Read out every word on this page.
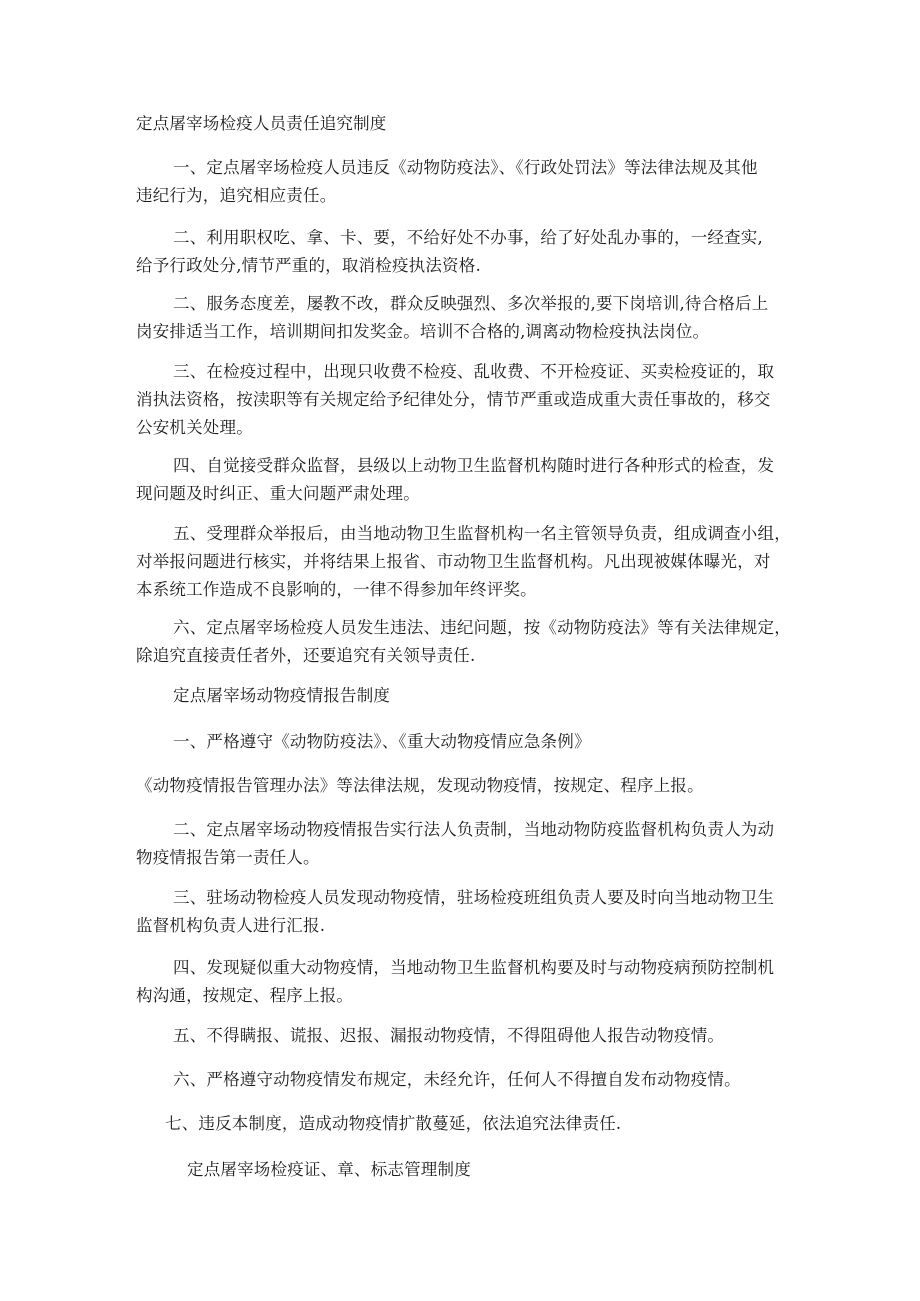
定点屠宰场检疫人员责任追究制度

一、定点屠宰场检疫人员违反《动物防疫法》、《行政处罚法》等法律法规及其他
违纪行为，追究相应责任。

二、利用职权吃、拿、卡、要，不给好处不办事，给了好处乱办事的，一经查实,
给予行政处分,情节严重的，取消检疫执法资格.

二、服务态度差，屡教不改，群众反映强烈、多次举报的,要下岗培训,待合格后上
岗安排适当工作，培训期间扣发奖金。培训不合格的,调离动物检疫执法岗位。

三、在检疫过程中，出现只收费不检疫、乱收费、不开检疫证、买卖检疫证的，取
消执法资格，按渎职等有关规定给予纪律处分，情节严重或造成重大责任事故的，移交
公安机关处理。

四、自觉接受群众监督，县级以上动物卫生监督机构随时进行各种形式的检查，发
现问题及时纠正、重大问题严肃处理。

五、受理群众举报后，由当地动物卫生监督机构一名主管领导负责，组成调查小组，
对举报问题进行核实，并将结果上报省、市动物卫生监督机构。凡出现被媒体曝光，对
本系统工作造成不良影响的，一律不得参加年终评奖。

六、定点屠宰场检疫人员发生违法、违纪问题，按《动物防疫法》等有关法律规定，
除追究直接责任者外，还要追究有关领导责任.

定点屠宰场动物疫情报告制度

一、严格遵守《动物防疫法》、《重大动物疫情应急条例》

《动物疫情报告管理办法》等法律法规，发现动物疫情，按规定、程序上报。

二、定点屠宰场动物疫情报告实行法人负责制，当地动物防疫监督机构负责人为动
物疫情报告第一责任人。

三、驻场动物检疫人员发现动物疫情，驻场检疫班组负责人要及时向当地动物卫生
监督机构负责人进行汇报.

四、发现疑似重大动物疫情，当地动物卫生监督机构要及时与动物疫病预防控制机
构沟通，按规定、程序上报。

五、不得瞒报、谎报、迟报、漏报动物疫情，不得阻碍他人报告动物疫情。

六、严格遵守动物疫情发布规定，未经允许，任何人不得擅自发布动物疫情。

七、违反本制度，造成动物疫情扩散蔓延，依法追究法律责任.

定点屠宰场检疫证、章、标志管理制度
